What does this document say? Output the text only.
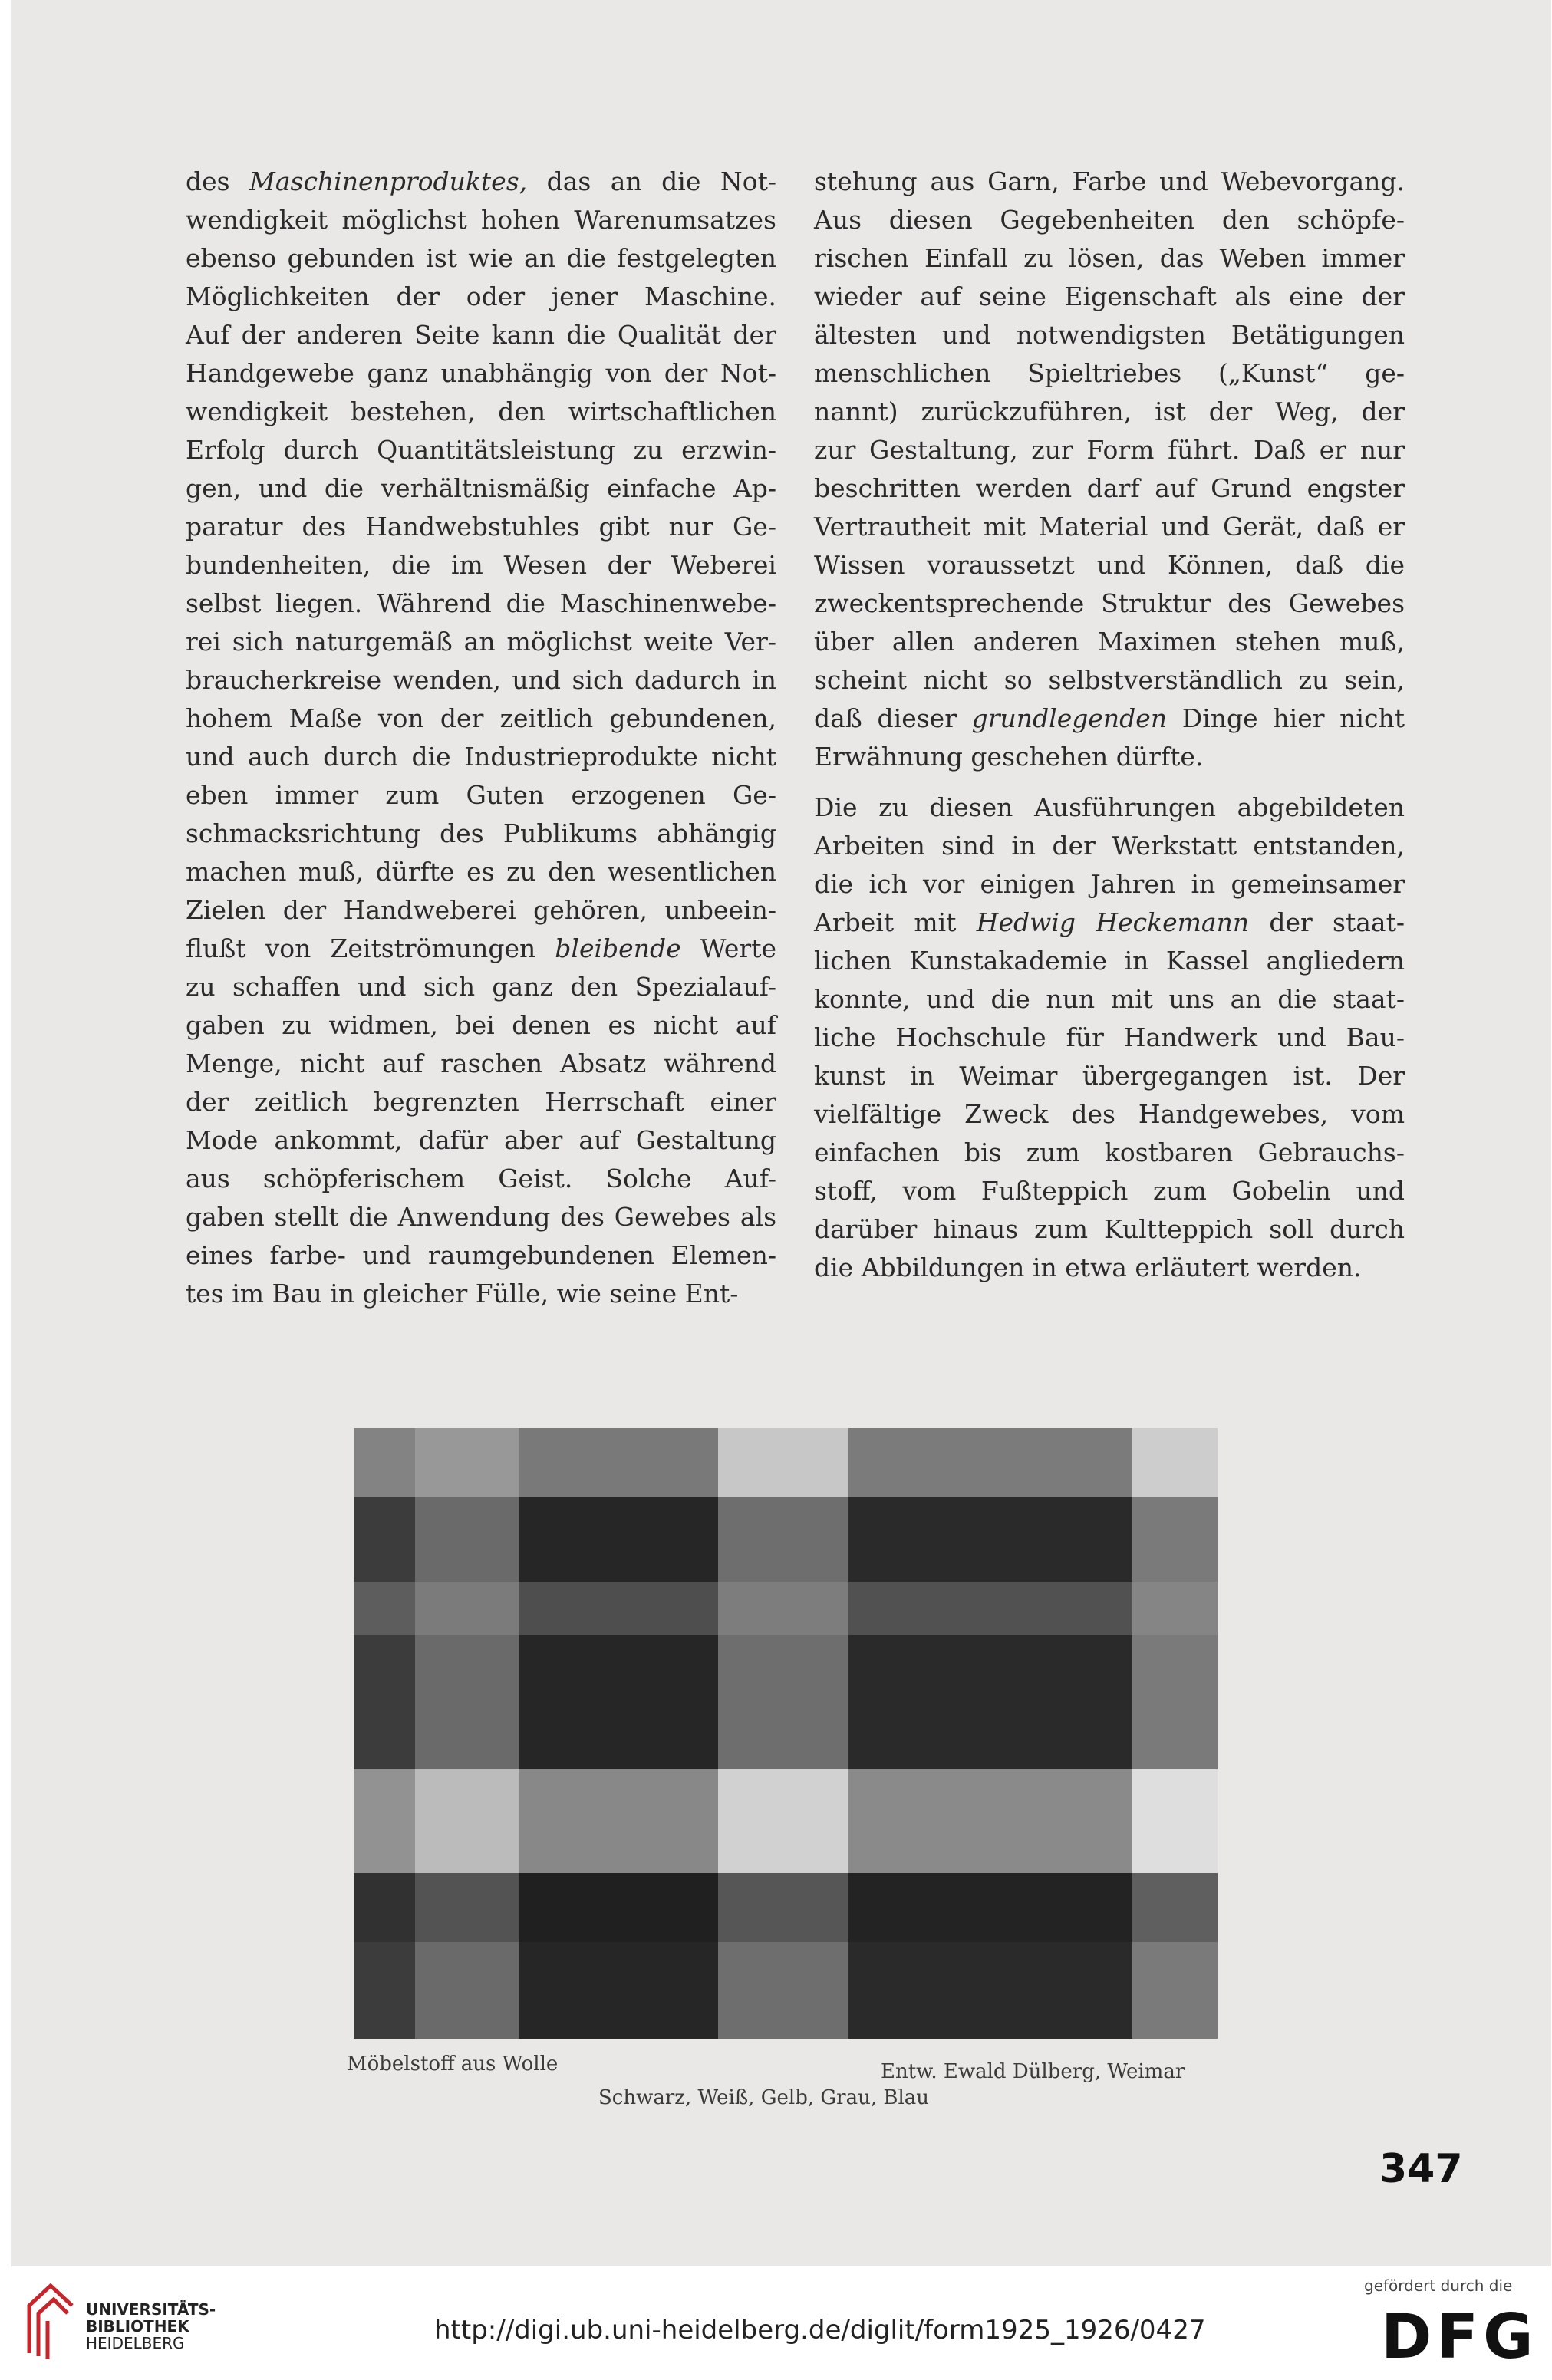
des Maschinenproduktes, das an die Not-
wendigkeit möglichst hohen Warenumsatzes
ebenso gebunden ist wie an die festgelegten
Möglichkeiten der oder jener Maschine.
Auf der anderen Seite kann die Qualität der
Handgewebe ganz unabhängig von der Not-
wendigkeit bestehen, den wirtschaftlichen
Erfolg durch Quantitätsleistung zu erzwin-
gen, und die verhältnismäßig einfache Ap-
paratur des Handwebstuhles gibt nur Ge-
bundenheiten, die im Wesen der Weberei
selbst liegen. Während die Maschinenwebe-
rei sich naturgemäß an möglichst weite Ver-
braucherkreise wenden, und sich dadurch in
hohem Maße von der zeitlich gebundenen,
und auch durch die Industrieprodukte nicht
eben immer zum Guten erzogenen Ge-
schmacksrichtung des Publikums abhängig
machen muß, dürfte es zu den wesentlichen
Zielen der Handweberei gehören, unbeein-
flußt von Zeitströmungen bleibende Werte
zu schaffen und sich ganz den Spezialauf-
gaben zu widmen, bei denen es nicht auf
Menge, nicht auf raschen Absatz während
der zeitlich begrenzten Herrschaft einer
Mode ankommt, dafür aber auf Gestaltung
aus schöpferischem Geist. Solche Auf-
gaben stellt die Anwendung des Gewebes als
eines farbe- und raumgebundenen Elemen-
tes im Bau in gleicher Fülle, wie seine Ent-

stehung aus Garn, Farbe und Webevorgang.
Aus diesen Gegebenheiten den schöpfe-
rischen Einfall zu lösen, das Weben immer
wieder auf seine Eigenschaft als eine der
ältesten und notwendigsten Betätigungen
menschlichen Spieltriebes („Kunst“ ge-
nannt) zurückzuführen, ist der Weg, der
zur Gestaltung, zur Form führt. Daß er nur
beschritten werden darf auf Grund engster
Vertrautheit mit Material und Gerät, daß er
Wissen voraussetzt und Können, daß die
zweckentsprechende Struktur des Gewebes
über allen anderen Maximen stehen muß,
scheint nicht so selbstverständlich zu sein,
daß dieser grundlegenden Dinge hier nicht
Erwähnung geschehen dürfte.

Die zu diesen Ausführungen abgebildeten
Arbeiten sind in der Werkstatt entstanden,
die ich vor einigen Jahren in gemeinsamer
Arbeit mit Hedwig Heckemann der staat-
lichen Kunstakademie in Kassel angliedern
konnte, und die nun mit uns an die staat-
liche Hochschule für Handwerk und Bau-
kunst in Weimar übergegangen ist. Der
vielfältige Zweck des Handgewebes, vom
einfachen bis zum kostbaren Gebrauchs-
stoff, vom Fußteppich zum Gobelin und
darüber hinaus zum Kultteppich soll durch
die Abbildungen in etwa erläutert werden.

Möbelstoff aus Wolle	Entw. Ewald Dülberg, Weimar
Schwarz, Weiß, Gelb, Grau, Blau
347
UNIVERSITÄTS-
BIBLIOTHEK
HEIDELBERG	http://digi.ub.uni-heidelberg.de/diglit/form1925_1926/0427
gefördert durch die
DFG
